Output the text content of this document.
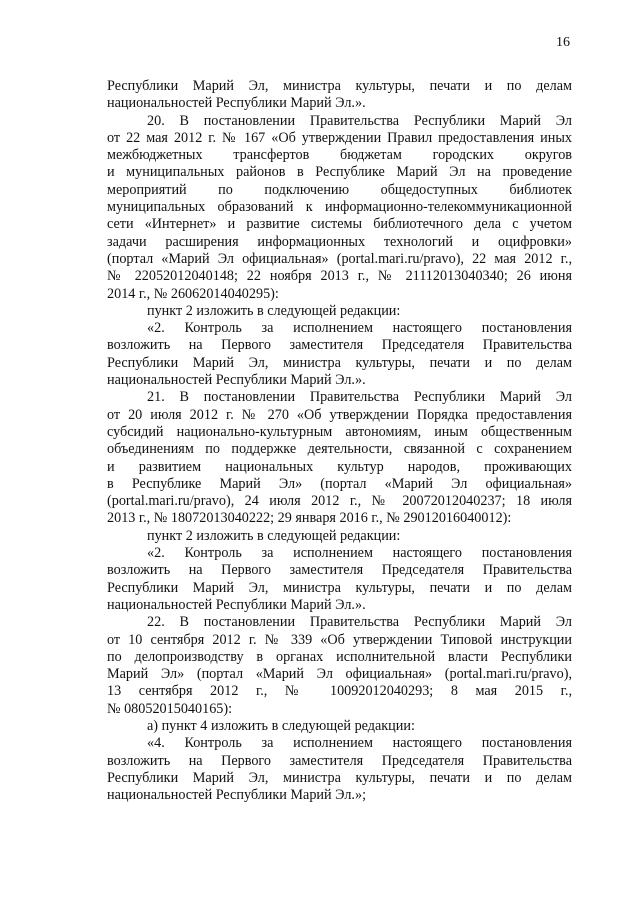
16
Республики Марий Эл, министра культуры, печати и по делам
национальностей Республики Марий Эл.».
20. В постановлении Правительства Республики Марий Эл
от 22 мая 2012 г. № 167 «Об утверждении Правил предоставления иных
межбюджетных трансфертов бюджетам городских округов
и муниципальных районов в Республике Марий Эл на проведение
мероприятий по подключению общедоступных библиотек
муниципальных образований к информационно-телекоммуникационной
сети «Интернет» и развитие системы библиотечного дела с учетом
задачи расширения информационных технологий и оцифровки»
(портал «Марий Эл официальная» (portal.mari.ru/pravo), 22 мая 2012 г.,
№ 22052012040148; 22 ноября 2013 г., № 21112013040340; 26 июня
2014 г., № 26062014040295):
пункт 2 изложить в следующей редакции:
«2. Контроль за исполнением настоящего постановления
возложить на Первого заместителя Председателя Правительства
Республики Марий Эл, министра культуры, печати и по делам
национальностей Республики Марий Эл.».
21. В постановлении Правительства Республики Марий Эл
от 20 июля 2012 г. № 270 «Об утверждении Порядка предоставления
субсидий национально-культурным автономиям, иным общественным
объединениям по поддержке деятельности, связанной с сохранением
и развитием национальных культур народов, проживающих
в Республике Марий Эл» (портал «Марий Эл официальная»
(portal.mari.ru/pravo), 24 июля 2012 г., № 20072012040237; 18 июля
2013 г., № 18072013040222; 29 января 2016 г., № 29012016040012):
пункт 2 изложить в следующей редакции:
«2. Контроль за исполнением настоящего постановления
возложить на Первого заместителя Председателя Правительства
Республики Марий Эл, министра культуры, печати и по делам
национальностей Республики Марий Эл.».
22. В постановлении Правительства Республики Марий Эл
от 10 сентября 2012 г. № 339 «Об утверждении Типовой инструкции
по делопроизводству в органах исполнительной власти Республики
Марий Эл» (портал «Марий Эл официальная» (portal.mari.ru/pravo),
13 сентября 2012 г., № 10092012040293; 8 мая 2015 г.,
№ 08052015040165):
а) пункт 4 изложить в следующей редакции:
«4. Контроль за исполнением настоящего постановления
возложить на Первого заместителя Председателя Правительства
Республики Марий Эл, министра культуры, печати и по делам
национальностей Республики Марий Эл.»;
